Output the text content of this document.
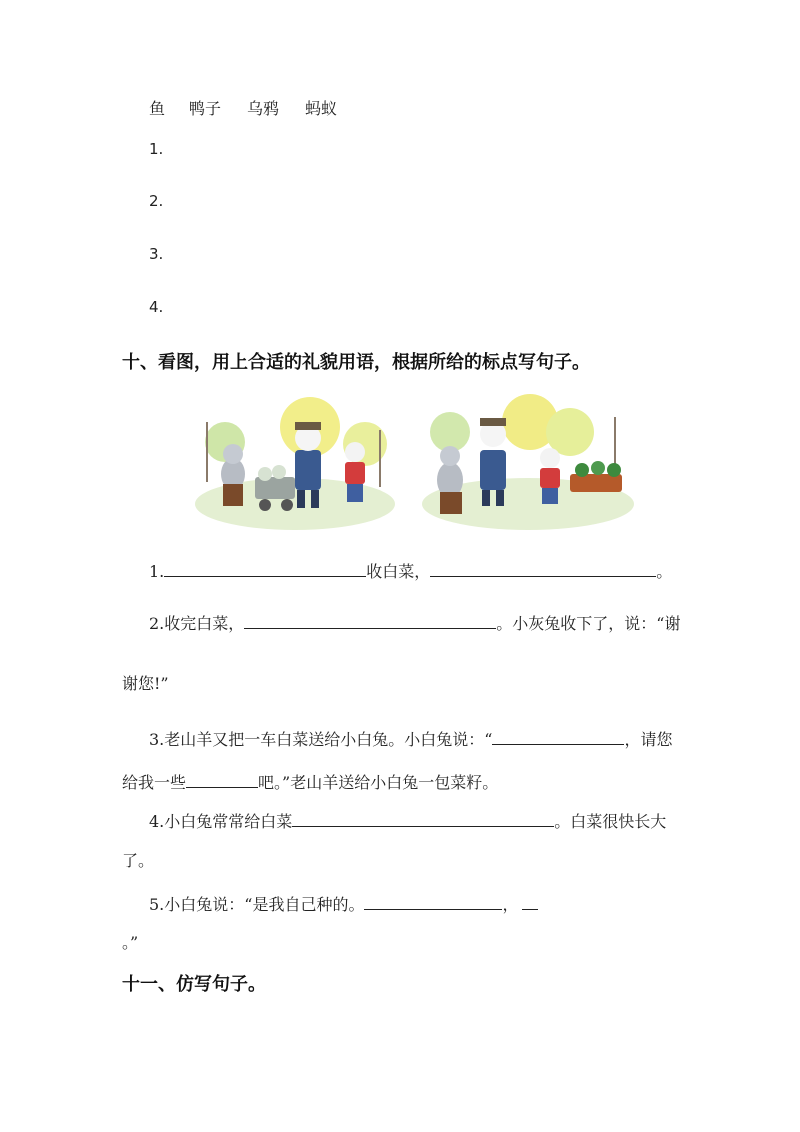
鱼 鸭子 乌鸦 蚂蚁
1.
2.
3.
4.
十、看图，用上合适的礼貌用语，根据所给的标点写句子。
1.	收白菜，	。
2. 收完白菜，	。小灰兔收下了，说：“谢
谢您!”
3. 老山羊又把一车白菜送给小白兔。小白兔说：“	，请您
给我一些	吧。”老山羊送给小白兔一包菜籽。
4. 小白兔常常给白菜	。白菜很快长大
了。
5. 小白兔说：“是我自己种的。	，
。”
十一、仿写句子。
